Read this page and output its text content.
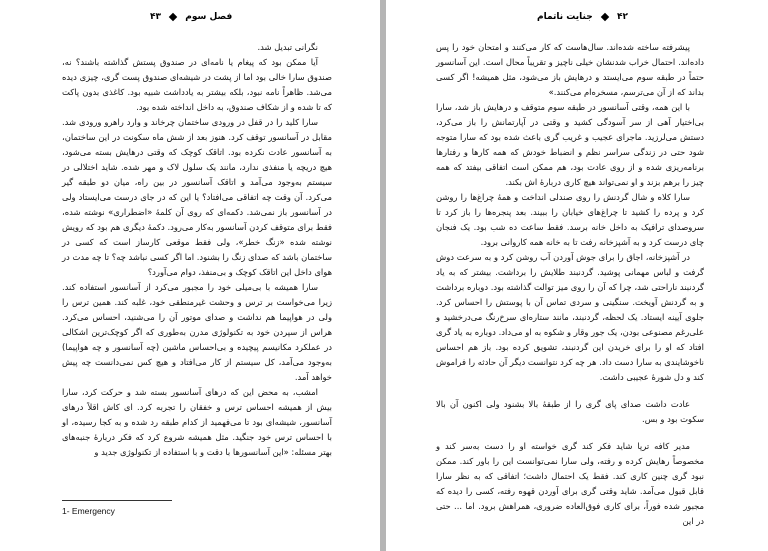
فصل سوم  ۴۳

نگرانی تبدیل شد.

آیا ممکن بود که پیغام یا نامه‌ای در صندوق پستش گذاشته باشند؟ نه، صندوق سارا خالی بود اما از پشت در شیشه‌ای صندوق پست گری، چیزی دیده می‌شد. ظاهراً نامه نبود، بلکه بیشتر به یادداشت شبیه بود. کاغذی بدون پاکت که تا شده و از شکاف صندوق، به داخل انداخته شده بود.

سارا کلید را در قفل در ورودی ساختمان چرخاند و وارد راهرو ورودی شد. مقابل در آسانسور توقف کرد. هنوز بعد از شش ماه سکونت در این ساختمان، به آسانسور عادت نکرده بود. اتاقک کوچک که وقتی درهایش بسته می‌شود، هیچ دریچه یا منفذی ندارد، مانند یک سلول لاک و مهر شده. شاید اختلالی در سیستم به‌وجود می‌آمد و اتاقک آسانسور در بین راه، میان دو طبقه گیر می‌کرد. آن وقت چه اتفاقی می‌افتاد؟ یا این که در جای درست می‌ایستاد ولی در آسانسور باز نمی‌شد. دکمه‌ای که روی آن کلمهٔ «اضطراری» نوشته شده، فقط برای متوقف کردن آسانسور به‌کار می‌رود. دکمهٔ دیگری هم بود که رویش نوشته شده «زنگ خطر»، ولی فقط موقعی کارساز است که کسی در ساختمان باشد که صدای زنگ را بشنود. اما اگر کسی نباشد چه؟ تا چه مدت در هوای داخل این اتاقک کوچک و بی‌منفذ، دوام می‌آورد؟

سارا همیشه با بی‌میلی خود را مجبور می‌کرد از آسانسور استفاده کند. زیرا می‌خواست بر ترس و وحشت غیرمنطقی خود، غلبه کند. همین ترس را ولی در هواپیما هم نداشت و صدای موتور آن را می‌شنید، احساس می‌کرد. هراس از سپردن خود به تکنولوژی مدرن به‌طوری که اگر کوچک‌ترین اشکالی در عملکرد مکانیسم پیچیده و بی‌احساس ماشین (چه آسانسور و چه هواپیما) به‌وجود می‌آمد، کل سیستم از کار می‌افتاد و هیچ کس نمی‌دانست چه پیش خواهد آمد.

امشب، به محض این که درهای آسانسور بسته شد و حرکت کرد، سارا بیش از همیشه احساس ترس و خفقان را تجربه کرد. ای کاش اقلاً درهای آسانسور، شیشه‌ای بود تا می‌فهمید از کدام طبقه رد شده و به کجا رسیده، او با احساس ترس خود جنگید. مثل همیشه شروع کرد که فکر درباره‌ٔ جنبه‌های بهتر مسئله: «این آسانسورها با دقت و با استفاده از تکنولوژی جدید و

1- Emergency
۴۲  جنایت ناتمام

پیشرفته ساخته شده‌اند. سال‌هاست که کار می‌کنند و امتحان خود را پس داده‌اند. احتمال خراب شدنشان خیلی ناچیز و تقریباً محال است. این آسانسور حتماً در طبقه سوم می‌ایستد و درهایش باز می‌شود، مثل همیشه! اگر کسی بداند که از آن می‌ترسم، مسخره‌ام می‌کنند.»

با این همه، وقتی آسانسور در طبقه سوم متوقف و درهایش باز شد، سارا بی‌اختیار آهی از سر آسودگی کشید و وقتی در آپارتمانش را باز می‌کرد، دستش می‌لرزید. ماجرای عجیب و غریب گری باعث شده بود که سارا متوجه شود حتی در زندگی سراسر نظم و انضباط خودش که همه کارها و رفتارها برنامه‌ریزی شده و از روی عادت بود، هم ممکن است اتفاقی بیفتد که همه چیز را برهم بزند و او نمی‌تواند هیچ کاری دربارهٔ اش بکند.

سارا کلاه و شال گردنش را روی صندلی انداخت و همهٔ چراغ‌ها را روشن کرد و پرده را کشید تا چراغ‌های خیابان را ببیند. بعد پنجره‌ها را باز کرد تا سروصدای ترافیک به داخل خانه برسد. فقط ساعت ده شب بود. یک فنجان چای درست کرد و به آشپزخانه رفت تا به خانه همه کاروانی برود.

در آشپزخانه، اجاق را برای جوش آوردن آب روشن کرد و به سرعت دوش گرفت و لباس مهمانی پوشید. گردنبند طلایش را برداشت. بیشتر که به یاد گردنبند ناراحتی شد، چرا که آن را روی میز توالت گذاشته بود. دوباره برداشت و به گردنش آویخت. سنگینی و سردی تماس آن با پوستش را احساس کرد. جلوی آیینه ایستاد. یک لحظه، گردنبند، مانند ستاره‌ای سرخ‌رنگ می‌درخشید و علی‌رغم مصنوعی بودن، یک جور وقار و شکوه به او می‌داد. دوباره به یاد گری افتاد که او را برای خریدن این گردنبند، تشویق کرده بود. باز هم احساس ناخوشایندی به سارا دست داد. هر چه کرد نتوانست دیگر آن حادثه را فراموش کند و دل شورهٔ عجیبی داشت.

عادت داشت صدای پای گری را از طبقهٔ بالا بشنود ولی اکنون آن بالا سکوت بود و بس.

مدیر کافه ترپا شاید فکر کند گری خواسته او را دست به‌سر کند و مخصوصاً رهایش کرده و رفته، ولی سارا نمی‌توانست این را باور کند. ممکن نبود گری چنین کاری کند. فقط یک احتمال داشت؛ اتفاقی که به نظر سارا قابل قبول می‌آمد. شاید وقتی گری برای آوردن قهوه رفته، کسی را دیده که مجبور شده فوراً، برای کاری فوق‌العاده ضروری، همراهش برود. اما ... حتی در این
